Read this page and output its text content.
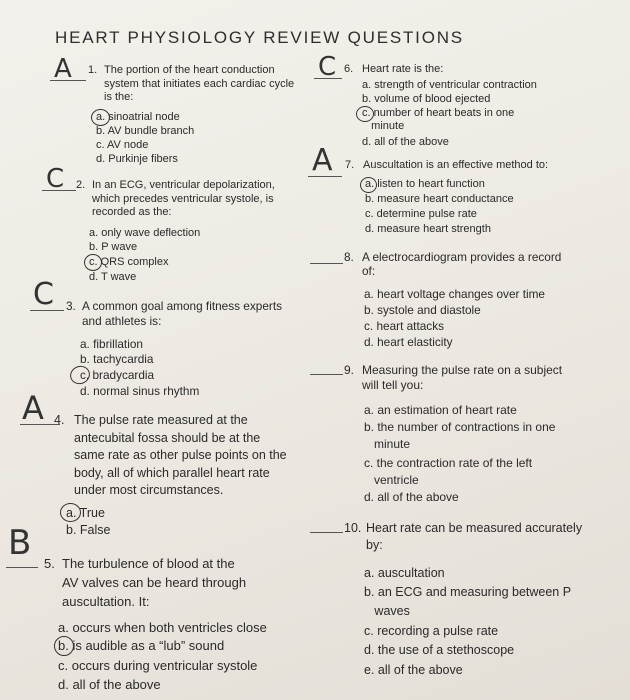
HEART PHYSIOLOGY REVIEW QUESTIONS
A 1. The portion of the heart conduction
system that initiates each cardiac cycle
is the:
a. sinoatrial node
b. AV bundle branch
c. AV node
d. Purkinje fibers
C 2. In an ECG, ventricular depolarization,
which precedes ventricular systole, is
recorded as the:
a. only wave deflection
b. P wave
c. QRS complex
d. T wave
C 3. A common goal among fitness experts
and athletes is:
a. fibrillation
b. tachycardia
c. bradycardia
d. normal sinus rhythm
A 4. The pulse rate measured at the
antecubital fossa should be at the
same rate as other pulse points on the
body, all of which parallel heart rate
under most circumstances.
a. True
b. False
B
5. The turbulence of blood at the
AV valves can be heard through
auscultation. It:
a. occurs when both ventricles close
b. is audible as a “lub” sound
c. occurs during ventricular systole
d. all of the above
C 6. Heart rate is the:
a. strength of ventricular contraction
b. volume of blood ejected
c. number of heart beats in one
minute
d. all of the above
A 7. Auscultation is an effective method to:
a. listen to heart function
b. measure heart conductance
c. determine pulse rate
d. measure heart strength
8. A electrocardiogram provides a record
of:
a. heart voltage changes over time
b. systole and diastole
c. heart attacks
d. heart elasticity
9. Measuring the pulse rate on a subject
will tell you:
a. an estimation of heart rate
b. the number of contractions in one
minute
c. the contraction rate of the left
ventricle
d. all of the above
10. Heart rate can be measured accurately
by:
a. auscultation
b. an ECG and measuring between P
waves
c. recording a pulse rate
d. the use of a stethoscope
e. all of the above
